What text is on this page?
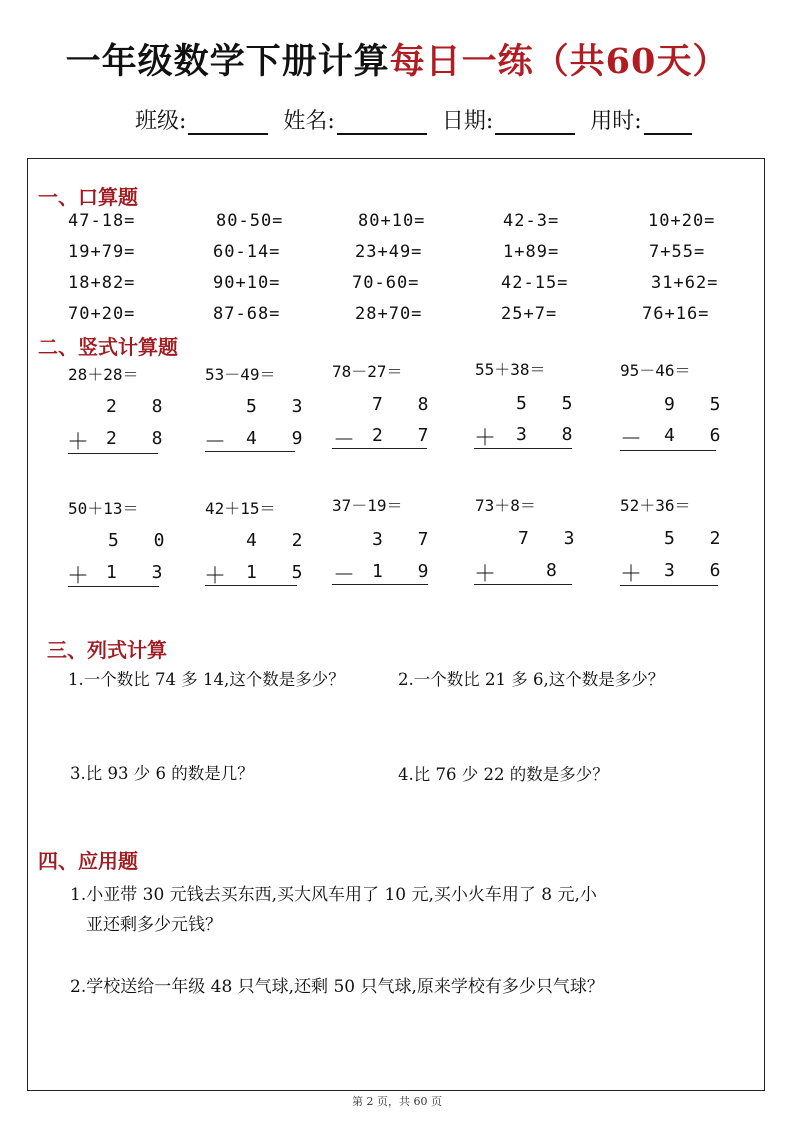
一年级数学下册计算每日一练（共60天）
班级:	姓名:	日期:	用时:
一、口算题
47-18=	80-50=	80+10=	42-3=	10+20=
19+79=	60-14=	23+49=	1+89=	7+55=
18+82=	90+10=	70-60=	42-15=	31+62=
70+20=	87-68=	28+70=	25+7=	76+16=
二、竖式计算题
28＋28＝
2 8
＋ 2 8
53－49＝
5 3
－ 4 9
78－27＝
7 8
－ 2 7
55＋38＝
5 5
＋ 3 8
95－46＝
9 5
－ 4 6
50＋13＝
5 0
＋ 1 3
42＋15＝
4 2
＋ 1 5
37－19＝
3 7
－ 1 9
73＋8＝
7 3
＋	8
52＋36＝
5 2
＋ 3 6
三、列式计算
1.一个数比 74 多 14,这个数是多少？	2.一个数比 21 多 6,这个数是多少？
3.比 93 少 6 的数是几？	4.比 76 少 22 的数是多少？
四、应用题
1.小亚带 30 元钱去买东西,买大风车用了 10 元,买小火车用了 8 元,小
亚还剩多少元钱？
2.学校送给一年级 48 只气球,还剩 50 只气球,原来学校有多少只气球？
第 2 页，共 60 页
